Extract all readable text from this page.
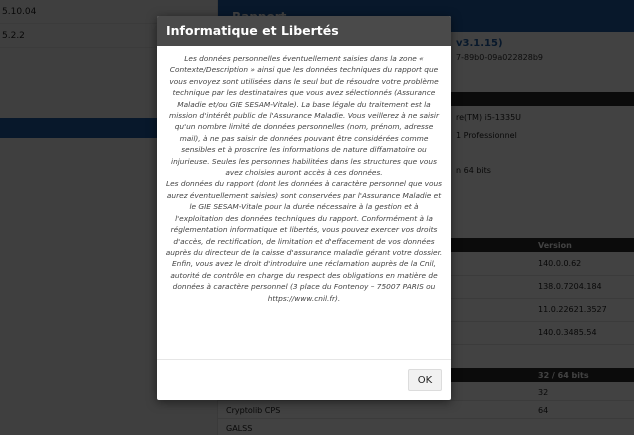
Informatique et Libertés

Les données personnelles éventuellement saisies dans la zone « Contexte/Description » ainsi que les données techniques du rapport que vous envoyez sont utilisées dans le seul but de résoudre votre problème technique par les destinataires que vous avez sélectionnés (Assurance Maladie et/ou GIE SESAM-Vitale). La base légale du traitement est la mission d'intérêt public de l'Assurance Maladie. Vous veillerez à ne saisir qu'un nombre limité de données personnelles (nom, prénom, adresse mail), à ne pas saisir de données pouvant être considérées comme sensibles et à proscrire les informations de nature diffamatoire ou injurieuse. Seules les personnes habilitées dans les structures que vous avez choisies auront accès à ces données.

Les données du rapport (dont les données à caractère personnel que vous aurez éventuellement saisies) sont conservées par l'Assurance Maladie et le GIE SESAM-Vitale pour la durée nécessaire à la gestion et à l'exploitation des données techniques du rapport. Conformément à la réglementation informatique et libertés, vous pouvez exercer vos droits d'accès, de rectification, de limitation et d'effacement de vos données auprès du directeur de la caisse d'assurance maladie gérant votre dossier. Enfin, vous avez le droit d'introduire une réclamation auprès de la Cnil, autorité de contrôle en charge du respect des obligations en matière de données à caractère personnel (3 place du Fontenoy – 75007 PARIS ou https://www.cnil.fr).

OK
